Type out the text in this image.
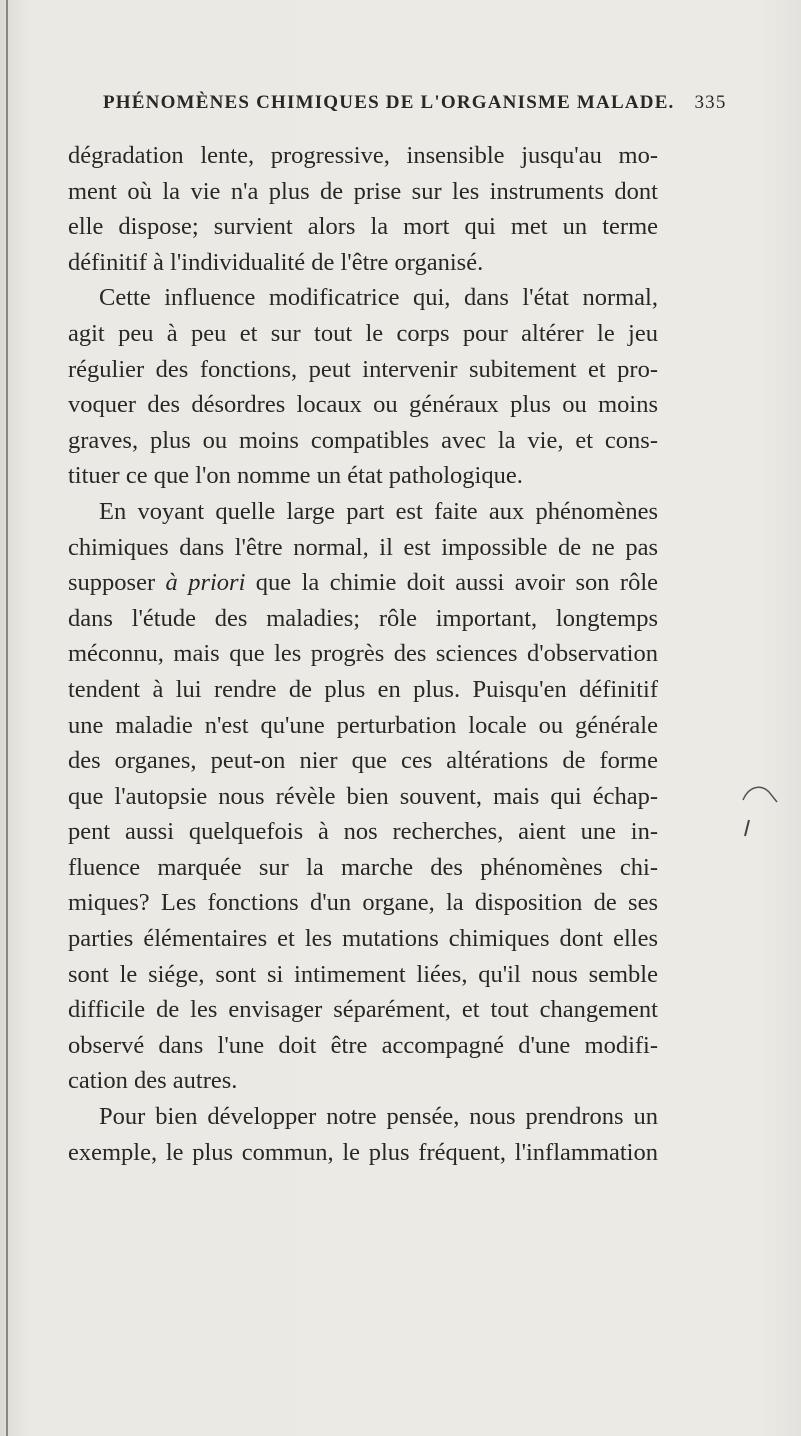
PHÉNOMÈNES CHIMIQUES DE L'ORGANISME MALADE. 335
dégradation lente, progressive, insensible jusqu'au mo-
ment où la vie n'a plus de prise sur les instruments dont
elle dispose; survient alors la mort qui met un terme
définitif à l'individualité de l'être organisé.
Cette influence modificatrice qui, dans l'état normal,
agit peu à peu et sur tout le corps pour altérer le jeu
régulier des fonctions, peut intervenir subitement et pro-
voquer des désordres locaux ou généraux plus ou moins
graves, plus ou moins compatibles avec la vie, et cons-
tituer ce que l'on nomme un état pathologique.
En voyant quelle large part est faite aux phénomènes
chimiques dans l'être normal, il est impossible de ne pas
supposer à priori que la chimie doit aussi avoir son rôle
dans l'étude des maladies; rôle important, longtemps
méconnu, mais que les progrès des sciences d'observation
tendent à lui rendre de plus en plus. Puisqu'en définitif
une maladie n'est qu'une perturbation locale ou générale
des organes, peut-on nier que ces altérations de forme
que l'autopsie nous révèle bien souvent, mais qui échap-
pent aussi quelquefois à nos recherches, aient une in-
fluence marquée sur la marche des phénomènes chi-
miques? Les fonctions d'un organe, la disposition de ses
parties élémentaires et les mutations chimiques dont elles
sont le siége, sont si intimement liées, qu'il nous semble
difficile de les envisager séparément, et tout changement
observé dans l'une doit être accompagné d'une modifi-
cation des autres.
Pour bien développer notre pensée, nous prendrons un
exemple, le plus commun, le plus fréquent, l'inflammation
